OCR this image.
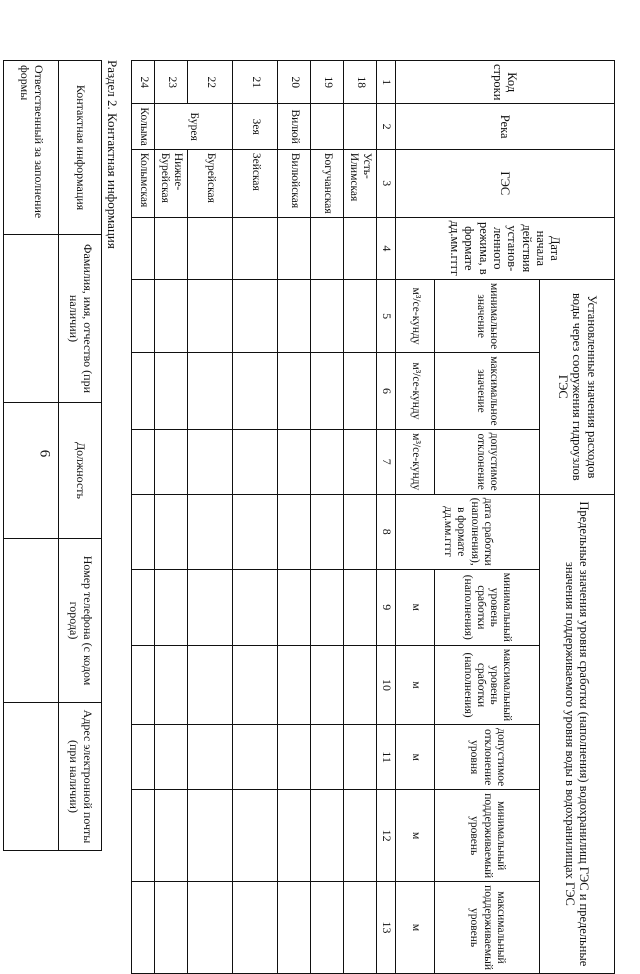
6
Код строки	Река	ГЭС	Дата начала действия установ-ленного режима, в формате дд.мм.гггг	Установленные значения расходов воды через сооружения гидроузлов ГЭС			Предельные значения уровня сработки (наполнения) водохранилищ ГЭС и предельные значения поддерживаемого уровня воды в водохранилищах ГЭС					
				минимальное значение	максимальное значение	допустимое отклонение	дата сработки (наполнения), в формате дд.мм.гггг	минимальный уровень сработки (наполнения)	максимальный уровень сработки (наполнения)	допустимое отклонение уровня	минимальный поддерживаемый уровень	максимальный поддерживаемый уровень
				м³/се-кунду	м³/се-кунду	м³/се-кунду		м	м	м	м	м
1	2	3	4	5	6	7	8	9	10	11	12	13
18		Усть-Илимская										
19		Богучанская										
20	Вилюй	Вилюйская										
21	Зея	Зейская										
22	Бурея	Бурейская										
23		Нижне-Бурейская										
24	Колыма	Колымская										
Раздел 2. Контактная информация
Контактная информация	Фамилия, имя, отчество (при наличии)	Должность	Номер телефона (с кодом города)	Адрес электронной почты (при наличии)
Ответственный за заполнение формы				
